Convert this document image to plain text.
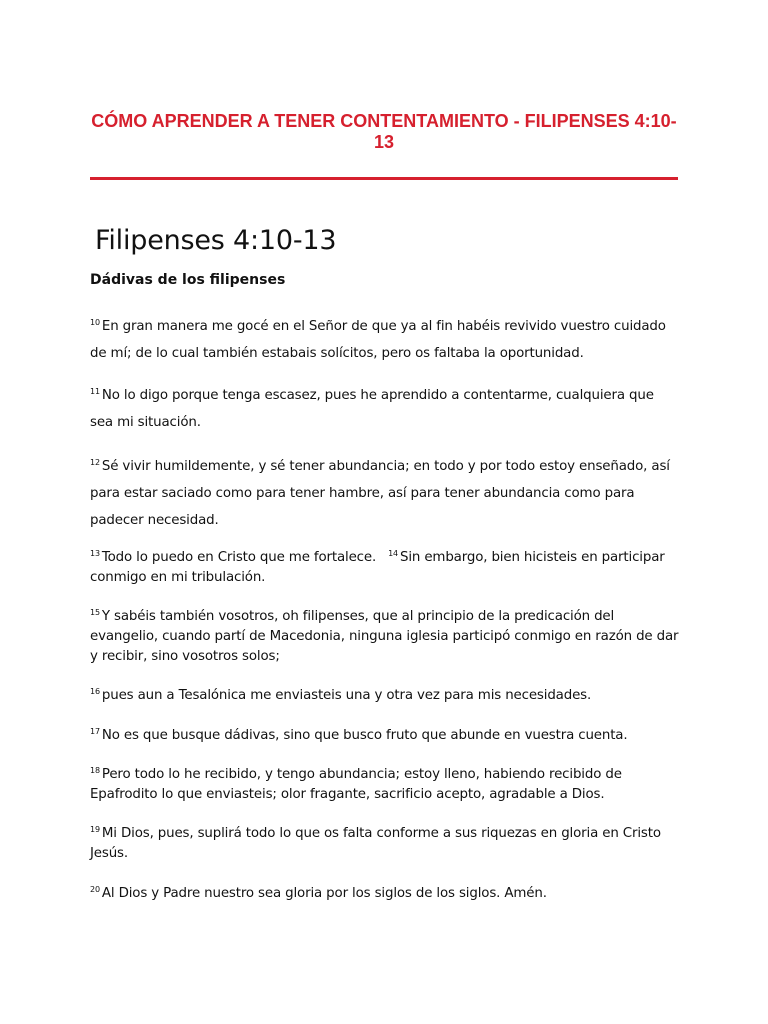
CÓMO APRENDER A TENER CONTENTAMIENTO - FILIPENSES 4:10-13
Filipenses 4:10-13
Dádivas de los filipenses

$^{10}$ En gran manera me gocé en el Señor de que ya al fin habéis revivido vuestro cuidado de mí; de lo cual también estabais solícitos, pero os faltaba la oportunidad.

$^{11}$ No lo digo porque tenga escasez, pues he aprendido a contentarme, cualquiera que sea mi situación.

$^{12}$ Sé vivir humildemente, y sé tener abundancia; en todo y por todo estoy enseñado, así para estar saciado como para tener hambre, así para tener abundancia como para padecer necesidad.

$^{13}$ Todo lo puedo en Cristo que me fortalece. $^{14}$ Sin embargo, bien hicisteis en participar conmigo en mi tribulación.

$^{15}$ Y sabéis también vosotros, oh filipenses, que al principio de la predicación del evangelio, cuando partí de Macedonia, ninguna iglesia participó conmigo en razón de dar y recibir, sino vosotros solos;

$^{16}$ pues aun a Tesalónica me enviasteis una y otra vez para mis necesidades.

$^{17}$ No es que busque dádivas, sino que busco fruto que abunde en vuestra cuenta.

$^{18}$ Pero todo lo he recibido, y tengo abundancia; estoy lleno, habiendo recibido de Epafrodito lo que enviasteis; olor fragante, sacrificio acepto, agradable a Dios.

$^{19}$ Mi Dios, pues, suplirá todo lo que os falta conforme a sus riquezas en gloria en Cristo Jesús.

$^{20}$ Al Dios y Padre nuestro sea gloria por los siglos de los siglos. Amén.
